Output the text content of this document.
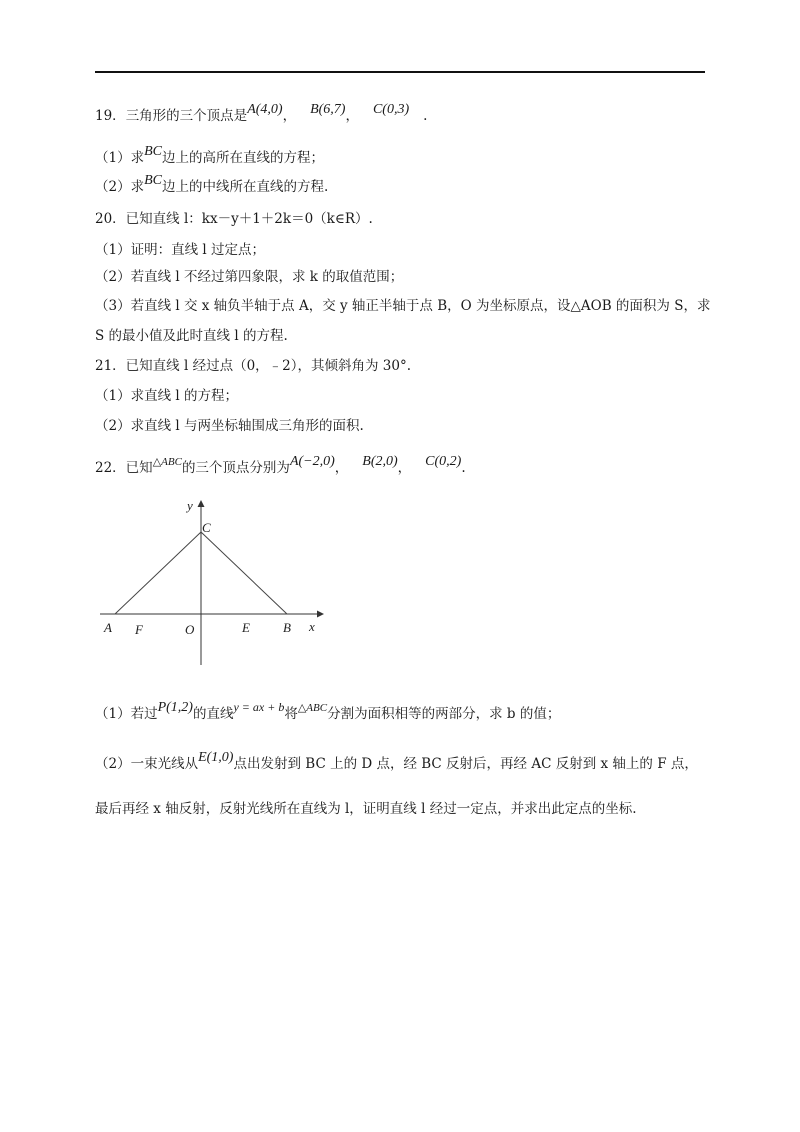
19．三角形的三个顶点是A(4,0)， B(6,7)， C(0,3) .
（1）求BC边上的高所在直线的方程；
（2）求BC边上的中线所在直线的方程.
20．已知直线 l：kx－y＋1＋2k＝0（k∈R）.
（1）证明：直线 l 过定点；
（2）若直线 l 不经过第四象限，求 k 的取值范围；
（3）若直线 l 交 x 轴负半轴于点 A，交 y 轴正半轴于点 B，O 为坐标原点，设△AOB 的面积为 S，求
S 的最小值及此时直线 l 的方程.
21．已知直线 l 经过点（0，﹣2），其倾斜角为 30°.
（1）求直线 l 的方程；
（2）求直线 l 与两坐标轴围成三角形的面积.
22．已知$^{\triangle ABC}$的三个顶点分别为A(−2,0)， B(2,0)， C(0,2).
y
C
A F	O	E	B x
（1）若过P(1,2)的直线y = ax + b将$^{\triangle ABC}$分割为面积相等的两部分，求 b 的值；
（2）一束光线从E(1,0)点出发射到 BC 上的 D 点，经 BC 反射后，再经 AC 反射到 x 轴上的 F 点，
最后再经 x 轴反射，反射光线所在直线为 l，证明直线 l 经过一定点，并求出此定点的坐标.
